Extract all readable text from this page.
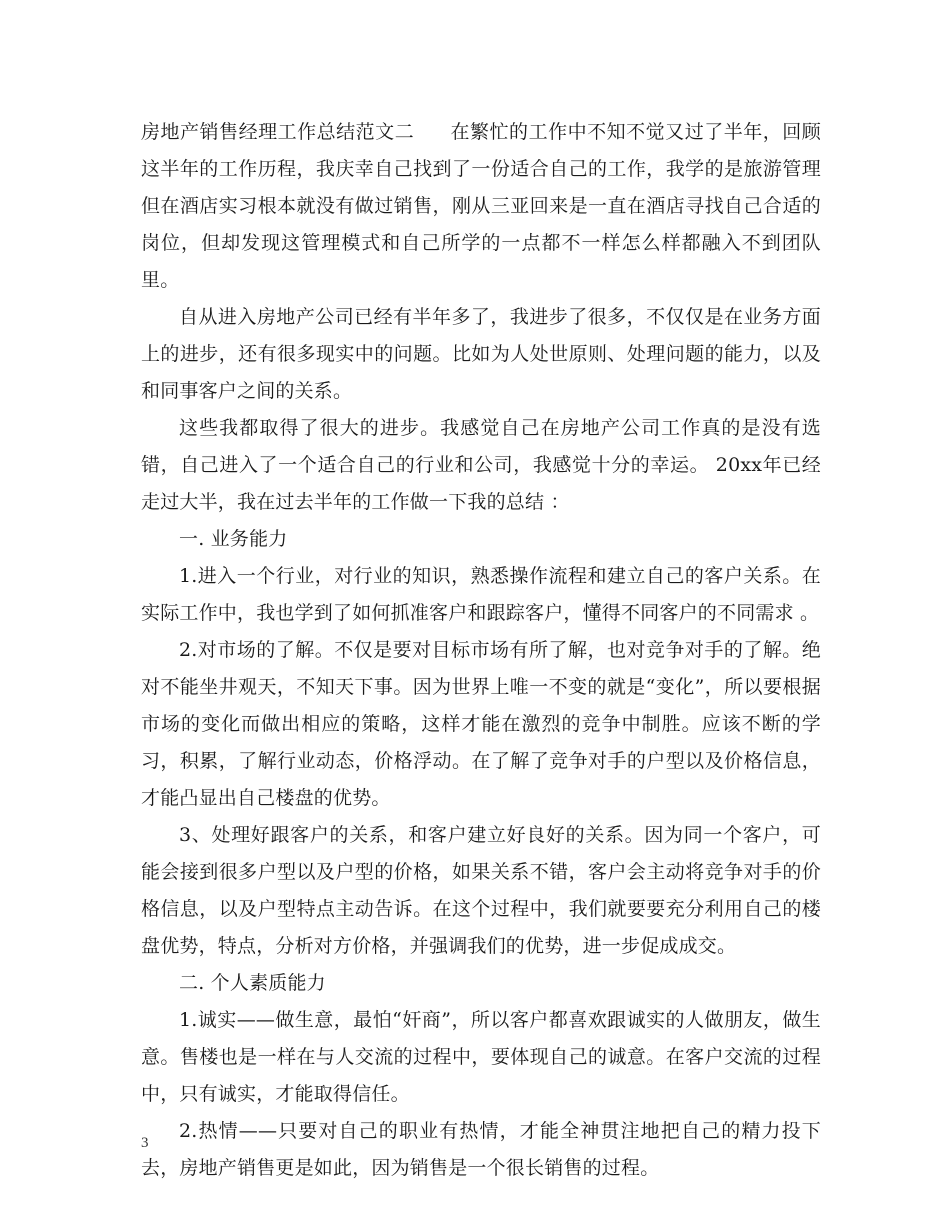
房地产销售经理工作总结范文二 在繁忙的工作中不知不觉又过了半年，回顾这半年的工作历程，我庆幸自己找到了一份适合自己的工作，我学的是旅游管理但在酒店实习根本就没有做过销售，刚从三亚回来是一直在酒店寻找自己合适的岗位，但却发现这管理模式和自己所学的一点都不一样怎么样都融入不到团队里。

自从进入房地产公司已经有半年多了，我进步了很多，不仅仅是在业务方面上的进步，还有很多现实中的问题。比如为人处世原则、处理问题的能力，以及和同事客户之间的关系。

这些我都取得了很大的进步。我感觉自己在房地产公司工作真的是没有选错，自己进入了一个适合自己的行业和公司，我感觉十分的幸运。 20xx年已经走过大半，我在过去半年的工作做一下我的总结 ：

一. 业务能力

1.进入一个行业，对行业的知识，熟悉操作流程和建立自己的客户关系。在实际工作中，我也学到了如何抓准客户和跟踪客户，懂得不同客户的不同需求 。

2.对市场的了解。不仅是要对目标市场有所了解，也对竞争对手的了解。绝对不能坐井观天，不知天下事。因为世界上唯一不变的就是“变化”，所以要根据市场的变化而做出相应的策略，这样才能在激烈的竞争中制胜。应该不断的学习，积累，了解行业动态，价格浮动。在了解了竞争对手的户型以及价格信息，才能凸显出自己楼盘的优势。

3、处理好跟客户的关系，和客户建立好良好的关系。因为同一个客户，可能会接到很多户型以及户型的价格，如果关系不错，客户会主动将竞争对手的价格信息，以及户型特点主动告诉。在这个过程中，我们就要要充分利用自己的楼盘优势，特点，分析对方价格，并强调我们的优势，进一步促成成交。

二. 个人素质能力

1.诚实——做生意，最怕“奸商”，所以客户都喜欢跟诚实的人做朋友，做生意。售楼也是一样在与人交流的过程中，要体现自己的诚意。在客户交流的过程中，只有诚实，才能取得信任。

2.热情——只要对自己的职业有热情，才能全神贯注地把自己的精力投下去，房地产销售更是如此，因为销售是一个很长销售的过程。

3
